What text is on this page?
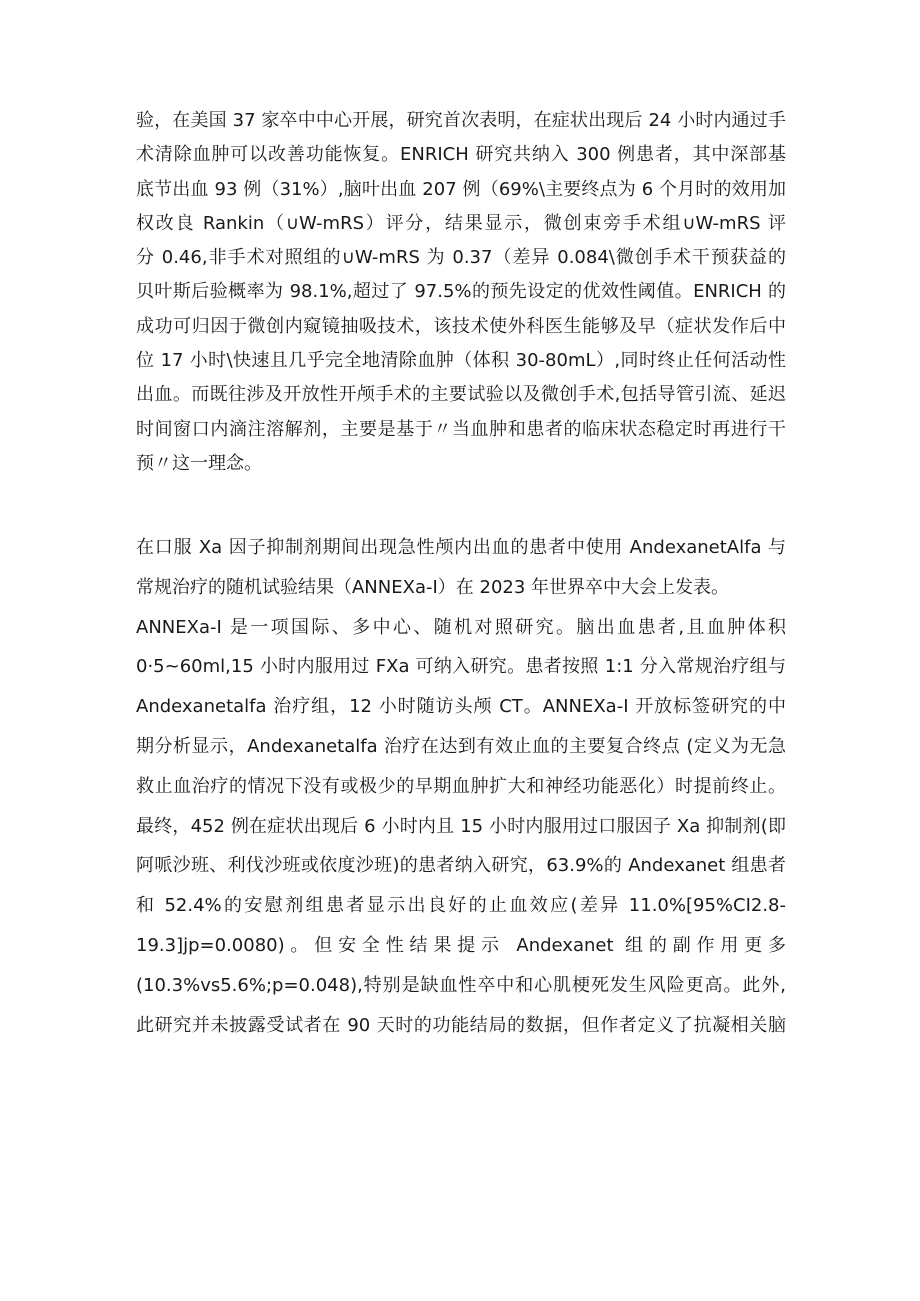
验，在美国 37 家卒中中心开展，研究首次表明，在症状出现后 24 小时内通过手
术清除血肿可以改善功能恢复。ENRICH 研究共纳入 300 例患者，其中深部基
底节出血 93 例（31%）,脑叶出血 207 例（69%\主要终点为 6 个月时的效用加
权改良 Rankin（∪W-mRS）评分，结果显示，微创束旁手术组∪W-mRS 评
分 0.46,非手术对照组的∪W-mRS 为 0.37（差异 0.084\微创手术干预获益的
贝叶斯后验概率为 98.1%,超过了 97.5%的预先设定的优效性阈值。ENRICH 的
成功可归因于微创内窥镜抽吸技术，该技术使外科医生能够及早（症状发作后中
位 17 小时\快速且几乎完全地清除血肿（体积 30-80mL）,同时终止任何活动性
出血。而既往涉及开放性开颅手术的主要试验以及微创手术,包括导管引流、延迟
时间窗口内滴注溶解剂，主要是基于〃当血肿和患者的临床状态稳定时再进行干
预〃这一理念。
在口服 Xa 因子抑制剂期间出现急性颅内出血的患者中使用 AndexanetAlfa 与
常规治疗的随机试验结果（ANNEXa-I）在 2023 年世界卒中大会上发表。
ANNEXa-I 是一项国际、多中心、随机对照研究。脑出血患者,且血肿体积
0·5~60ml,15 小时内服用过 FXa 可纳入研究。患者按照 1:1 分入常规治疗组与
Andexanetalfa 治疗组，12 小时随访头颅 CT。ANNEXa-I 开放标签研究的中
期分析显示，Andexanetalfa 治疗在达到有效止血的主要复合终点 (定义为无急
救止血治疗的情况下没有或极少的早期血肿扩大和神经功能恶化）时提前终止。
最终，452 例在症状出现后 6 小时内且 15 小时内服用过口服因子 Xa 抑制剂(即
阿哌沙班、利伐沙班或依度沙班)的患者纳入研究，63.9%的 Andexanet 组患者
和 52.4%的安慰剂组患者显示出良好的止血效应(差异 11.0%[95%CI2.8-
19.3]jp=0.0080)。但安全性结果提示 Andexanet 组的副作用更多
(10.3%vs5.6%;p=0.048),特别是缺血性卒中和心肌梗死发生风险更高。此外,
此研究并未披露受试者在 90 天时的功能结局的数据，但作者定义了抗凝相关脑
